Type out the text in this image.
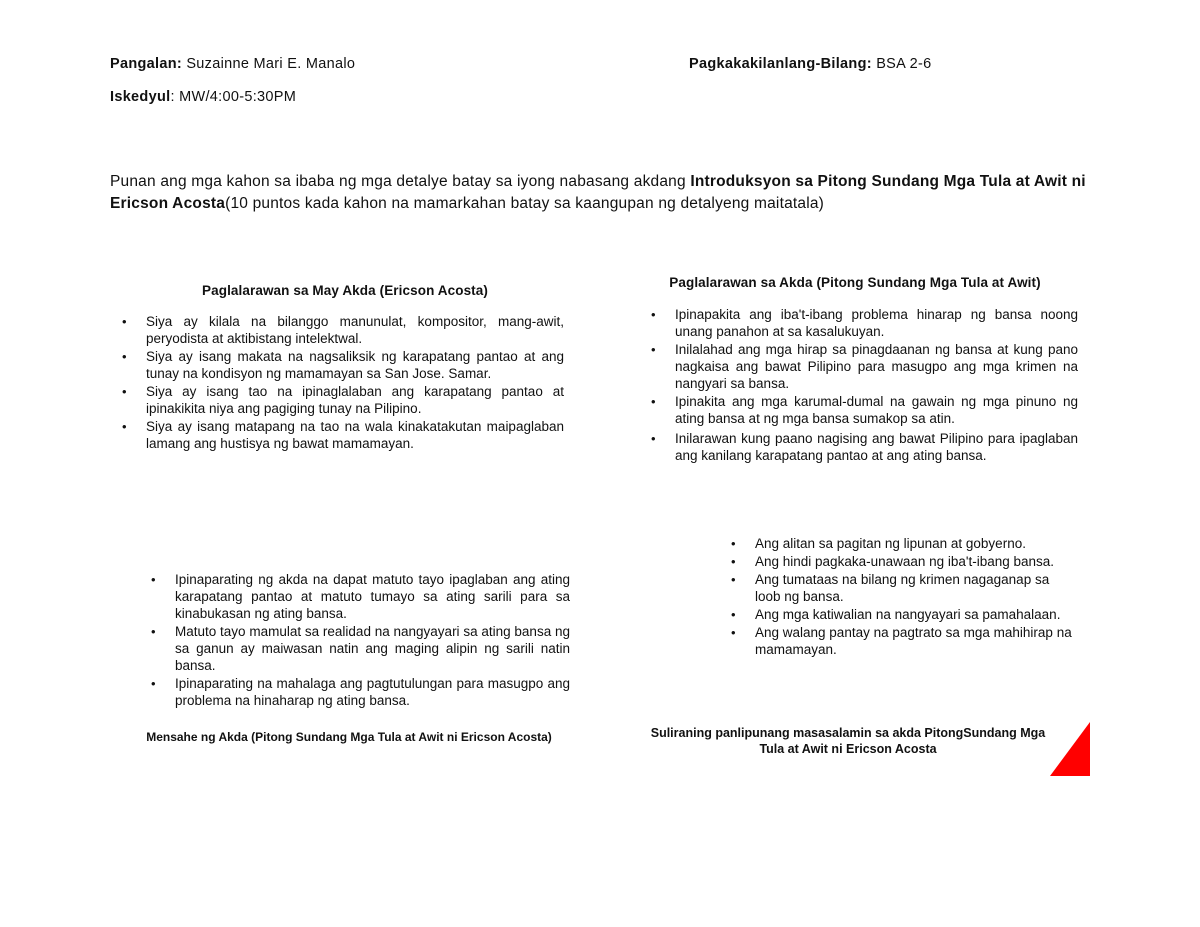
Pangalan: Suzainne Mari E. Manalo	Pagkakakilanlang-Bilang: BSA 2-6
Iskedyul: MW/4:00-5:30PM
Punan ang mga kahon sa ibaba ng mga detalye batay sa iyong nabasang akdang Introduksyon sa Pitong Sundang Mga Tula at Awit ni Ericson Acosta(10 puntos kada kahon na mamarkahan batay sa kaangupan ng detalyeng maitatala)
Paglalarawan sa May Akda (Ericson Acosta)
• Siya ay kilala na bilanggo manunulat, kompositor, mang-awit, peryodista at aktibistang intelektwal.
• Siya ay isang makata na nagsaliksik ng karapatang pantao at ang tunay na kondisyon ng mamamayan sa San Jose. Samar.
• Siya ay isang tao na ipinaglalaban ang karapatang pantao at ipinakikita niya ang pagiging tunay na Pilipino.
• Siya ay isang matapang na tao na wala kinakatakutan maipaglaban lamang ang hustisya ng bawat mamamayan.
Paglalarawan sa Akda (Pitong Sundang Mga Tula at Awit)
• Ipinapakita ang iba't-ibang problema hinarap ng bansa noong unang panahon at sa kasalukuyan.
• Inilalahad ang mga hirap sa pinagdaanan ng bansa at kung pano nagkaisa ang bawat Pilipino para masugpo ang mga krimen na nangyari sa bansa.
• Ipinakita ang mga karumal-dumal na gawain ng mga pinuno ng ating bansa at ng mga bansa sumakop sa atin.
• Inilarawan kung paano nagising ang bawat Pilipino para ipaglaban ang kanilang karapatang pantao at ang ating bansa.
• Ipinaparating ng akda na dapat matuto tayo ipaglaban ang ating karapatang pantao at matuto tumayo sa ating sarili para sa kinabukasan ng ating bansa.
• Matuto tayo mamulat sa realidad na nangyayari sa ating bansa ng sa ganun ay maiwasan natin ang maging alipin ng sarili natin bansa.
• Ipinaparating na mahalaga ang pagtutulungan para masugpo ang problema na hinaharap ng ating bansa.
Mensahe ng Akda (Pitong Sundang Mga Tula at Awit ni Ericson Acosta)
• Ang alitan sa pagitan ng lipunan at gobyerno.
• Ang hindi pagkaka-unawaan ng iba't-ibang bansa.
• Ang tumataas na bilang ng krimen nagaganap sa loob ng bansa.
• Ang mga katiwalian na nangyayari sa pamahalaan.
• Ang walang pantay na pagtrato sa mga mahihirap na mamamayan.
Suliraning panlipunang masasalamin sa akda PitongSundang Mga
Tula at Awit ni Ericson Acosta
